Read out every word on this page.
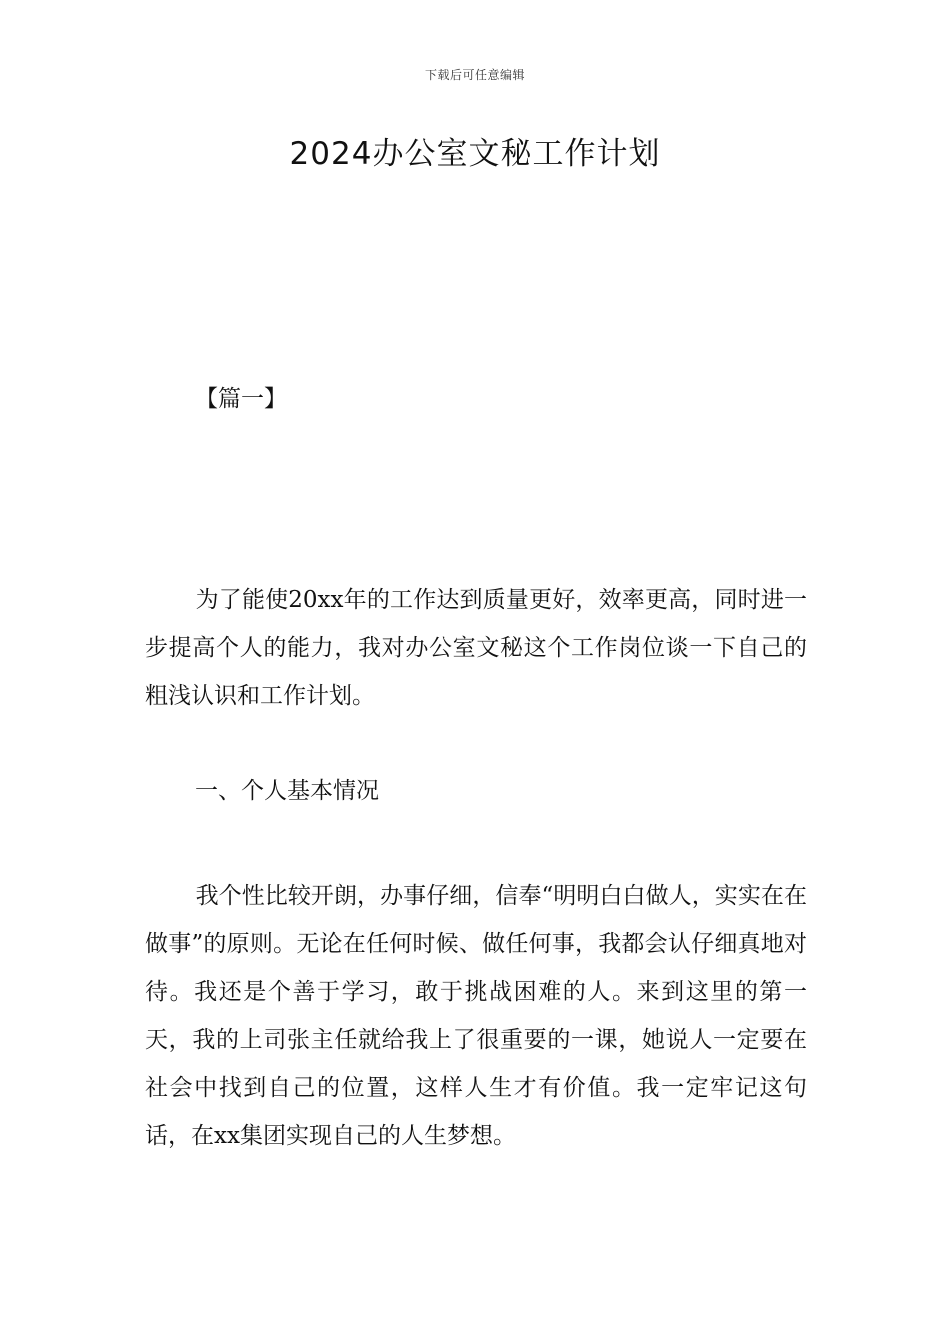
下载后可任意编辑
2024办公室文秘工作计划

【篇一】

为了能使20xx年的工作达到质量更好，效率更高，同时进一步提高个人的能力，我对办公室文秘这个工作岗位谈一下自己的粗浅认识和工作计划。

一、个人基本情况

我个性比较开朗，办事仔细，信奉“明明白白做人，实实在在做事”的原则。无论在任何时候、做任何事，我都会认仔细真地对待。我还是个善于学习，敢于挑战困难的人。来到这里的第一天，我的上司张主任就给我上了很重要的一课，她说人一定要在社会中找到自己的位置，这样人生才有价值。我一定牢记这句话，在xx集团实现自己的人生梦想。
